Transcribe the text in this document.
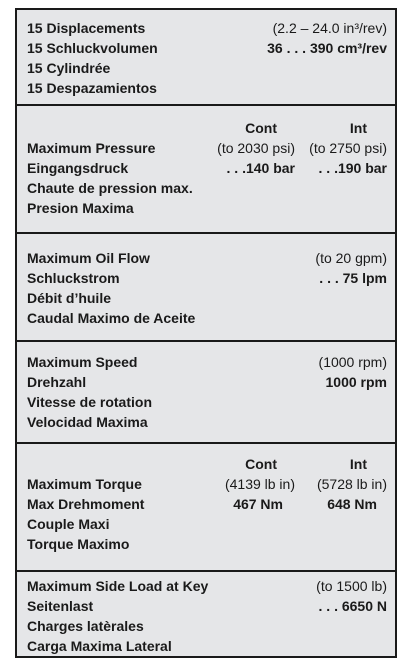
15 Displacements	(2.2 – 24.0 in³/rev)
15 Schluckvolumen	36 . . . 390 cm³/rev
15 Cylindrée
15 Despazamientos
Cont	Int
Maximum Pressure	(to 2030 psi) (to 2750 psi)
Eingangsdruck	. . .140 bar . . .190 bar
Chaute de pression max.
Presion Maxima
Maximum Oil Flow	(to 20 gpm)
Schluckstrom	. . . 75 lpm
Débit d’huile
Caudal Maximo de Aceite
Maximum Speed	(1000 rpm)
Drehzahl	1000 rpm
Vitesse de rotation
Velocidad Maxima
Cont	Int
Maximum Torque	(4139 lb in) (5728 lb in)
Max Drehmoment	467 Nm	648 Nm
Couple Maxi
Torque Maximo
Maximum Side Load at Key	(to 1500 lb)
Seitenlast	. . . 6650 N
Charges latèrales
Carga Maxima Lateral
